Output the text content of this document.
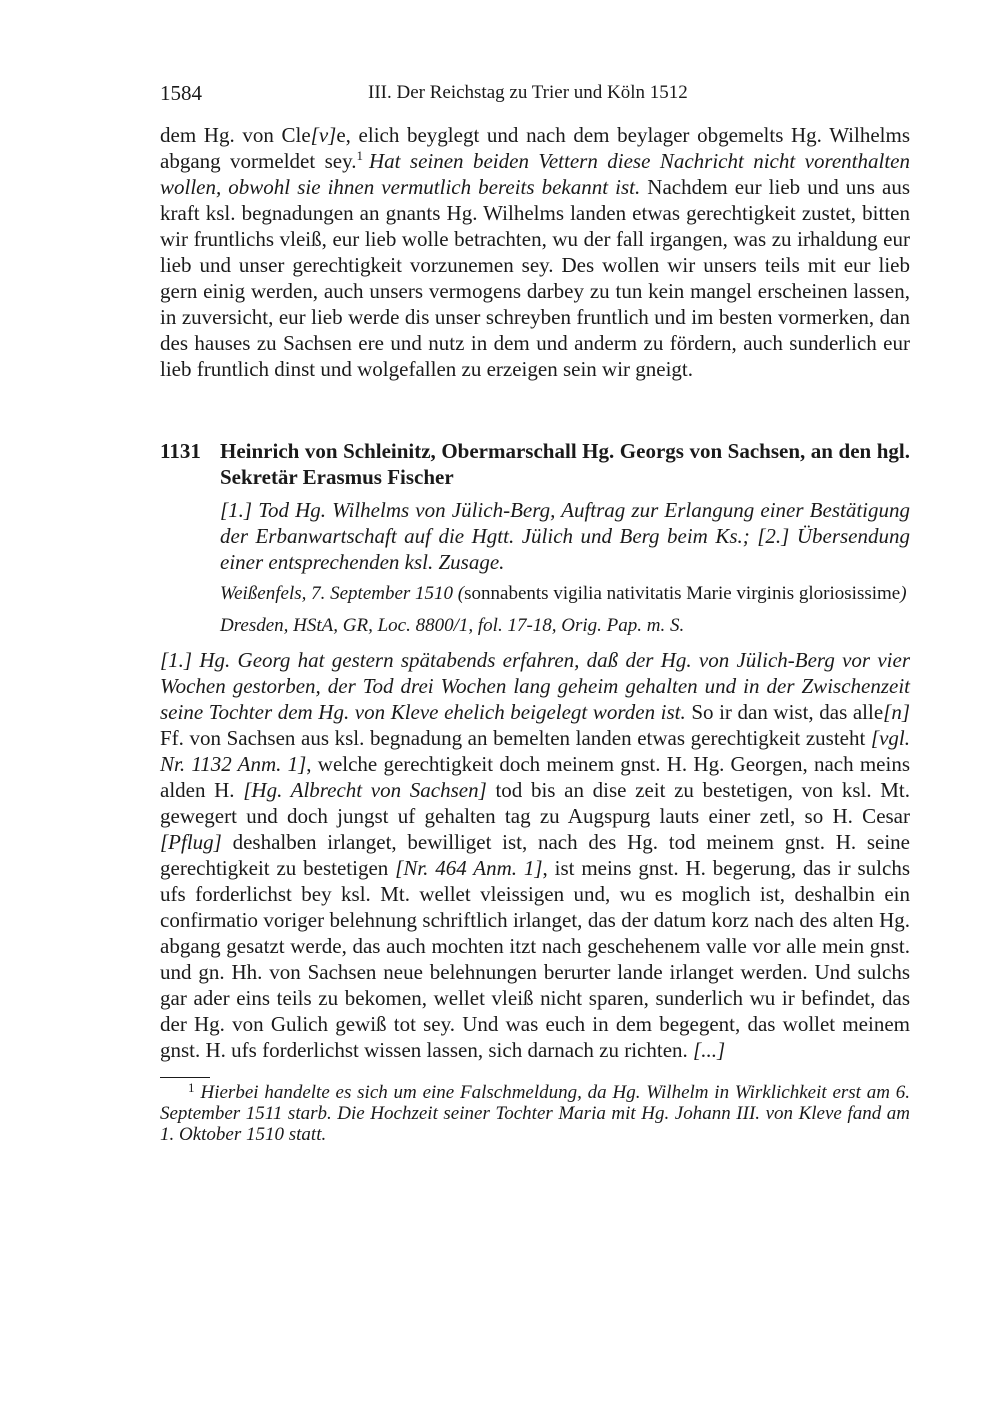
1584	III. Der Reichstag zu Trier und Köln 1512

dem Hg. von Cle[v]e, elich beyglegt und nach dem beylager obgemelts Hg. Wilhelms abgang vormeldet sey.$^1$ Hat seinen beiden Vettern diese Nachricht nicht vorenthalten wollen, obwohl sie ihnen vermutlich bereits bekannt ist. Nachdem eur lieb und uns aus kraft ksl. begnadungen an gnants Hg. Wilhelms landen etwas gerechtigkeit zustet, bitten wir fruntlichs vleiß, eur lieb wolle betrachten, wu der fall irgangen, was zu irhaldung eur lieb und unser gerechtigkeit vorzunemen sey. Des wollen wir unsers teils mit eur lieb gern einig werden, auch unsers vermogens darbey zu tun kein mangel erscheinen lassen, in zuversicht, eur lieb werde dis unser schreyben fruntlich und im besten vormerken, dan des hauses zu Sachsen ere und nutz in dem und anderm zu fördern, auch sunderlich eur lieb fruntlich dinst und wolgefallen zu erzeigen sein wir gneigt.

1131 Heinrich von Schleinitz, Obermarschall Hg. Georgs von Sachsen, an den hgl. Sekretär Erasmus Fischer

[1.] Tod Hg. Wilhelms von Jülich-Berg, Auftrag zur Erlangung einer Bestätigung der Erbanwartschaft auf die Hgtt. Jülich und Berg beim Ks.; [2.] Übersendung einer entsprechenden ksl. Zusage.

Weißenfels, 7. September 1510 (sonnabents vigilia nativitatis Marie virginis gloriosissime)

Dresden, HStA, GR, Loc. 8800/1, fol. 17-18, Orig. Pap. m. S.

[1.] Hg. Georg hat gestern spätabends erfahren, daß der Hg. von Jülich-Berg vor vier Wochen gestorben, der Tod drei Wochen lang geheim gehalten und in der Zwischenzeit seine Tochter dem Hg. von Kleve ehelich beigelegt worden ist. So ir dan wist, das alle[n] Ff. von Sachsen aus ksl. begnadung an bemelten landen etwas gerechtigkeit zusteht [vgl. Nr. 1132 Anm. 1], welche gerechtigkeit doch meinem gnst. H. Hg. Georgen, nach meins alden H. [Hg. Albrecht von Sachsen] tod bis an dise zeit zu bestetigen, von ksl. Mt. gewegert und doch jungst uf gehalten tag zu Augspurg lauts einer zetl, so H. Cesar [Pflug] deshalben irlanget, bewilliget ist, nach des Hg. tod meinem gnst. H. seine gerechtigkeit zu bestetigen [Nr. 464 Anm. 1], ist meins gnst. H. begerung, das ir sulchs ufs forderlichst bey ksl. Mt. wellet vleissigen und, wu es moglich ist, deshalbin ein confirmatio voriger belehnung schriftlich irlanget, das der datum korz nach des alten Hg. abgang gesatzt werde, das auch mochten itzt nach geschehenem valle vor alle mein gnst. und gn. Hh. von Sachsen neue belehnungen berurter lande irlanget werden. Und sulchs gar ader eins teils zu bekomen, wellet vleiß nicht sparen, sunderlich wu ir befindet, das der Hg. von Gulich gewiß tot sey. Und was euch in dem begegent, das wollet meinem gnst. H. ufs forderlichst wissen lassen, sich darnach zu richten. [...]

$^1$ Hierbei handelte es sich um eine Falschmeldung, da Hg. Wilhelm in Wirklichkeit erst am 6. September 1511 starb. Die Hochzeit seiner Tochter Maria mit Hg. Johann III. von Kleve fand am 1. Oktober 1510 statt.
